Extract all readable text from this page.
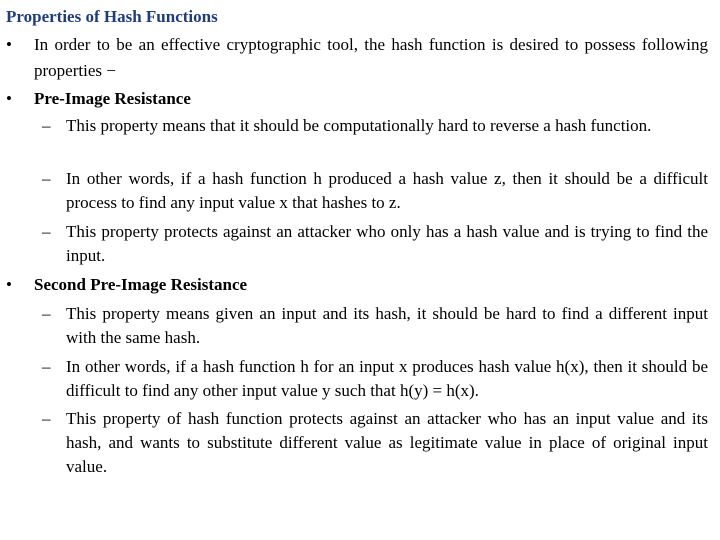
Properties of Hash Functions
•	In order to be an effective cryptographic tool, the hash function is desired to possess following properties −
•	Pre-Image Resistance
– This property means that it should be computationally hard to reverse a hash function.
– In other words, if a hash function h produced a hash value z, then it should be a difficult process to find any input value x that hashes to z.
– This property protects against an attacker who only has a hash value and is trying to find the input.
•	Second Pre-Image Resistance
– This property means given an input and its hash, it should be hard to find a different input with the same hash.
– In other words, if a hash function h for an input x produces hash value h(x), then it should be difficult to find any other input value y such that h(y) = h(x).
– This property of hash function protects against an attacker who has an input value and its hash, and wants to substitute different value as legitimate value in place of original input value.
